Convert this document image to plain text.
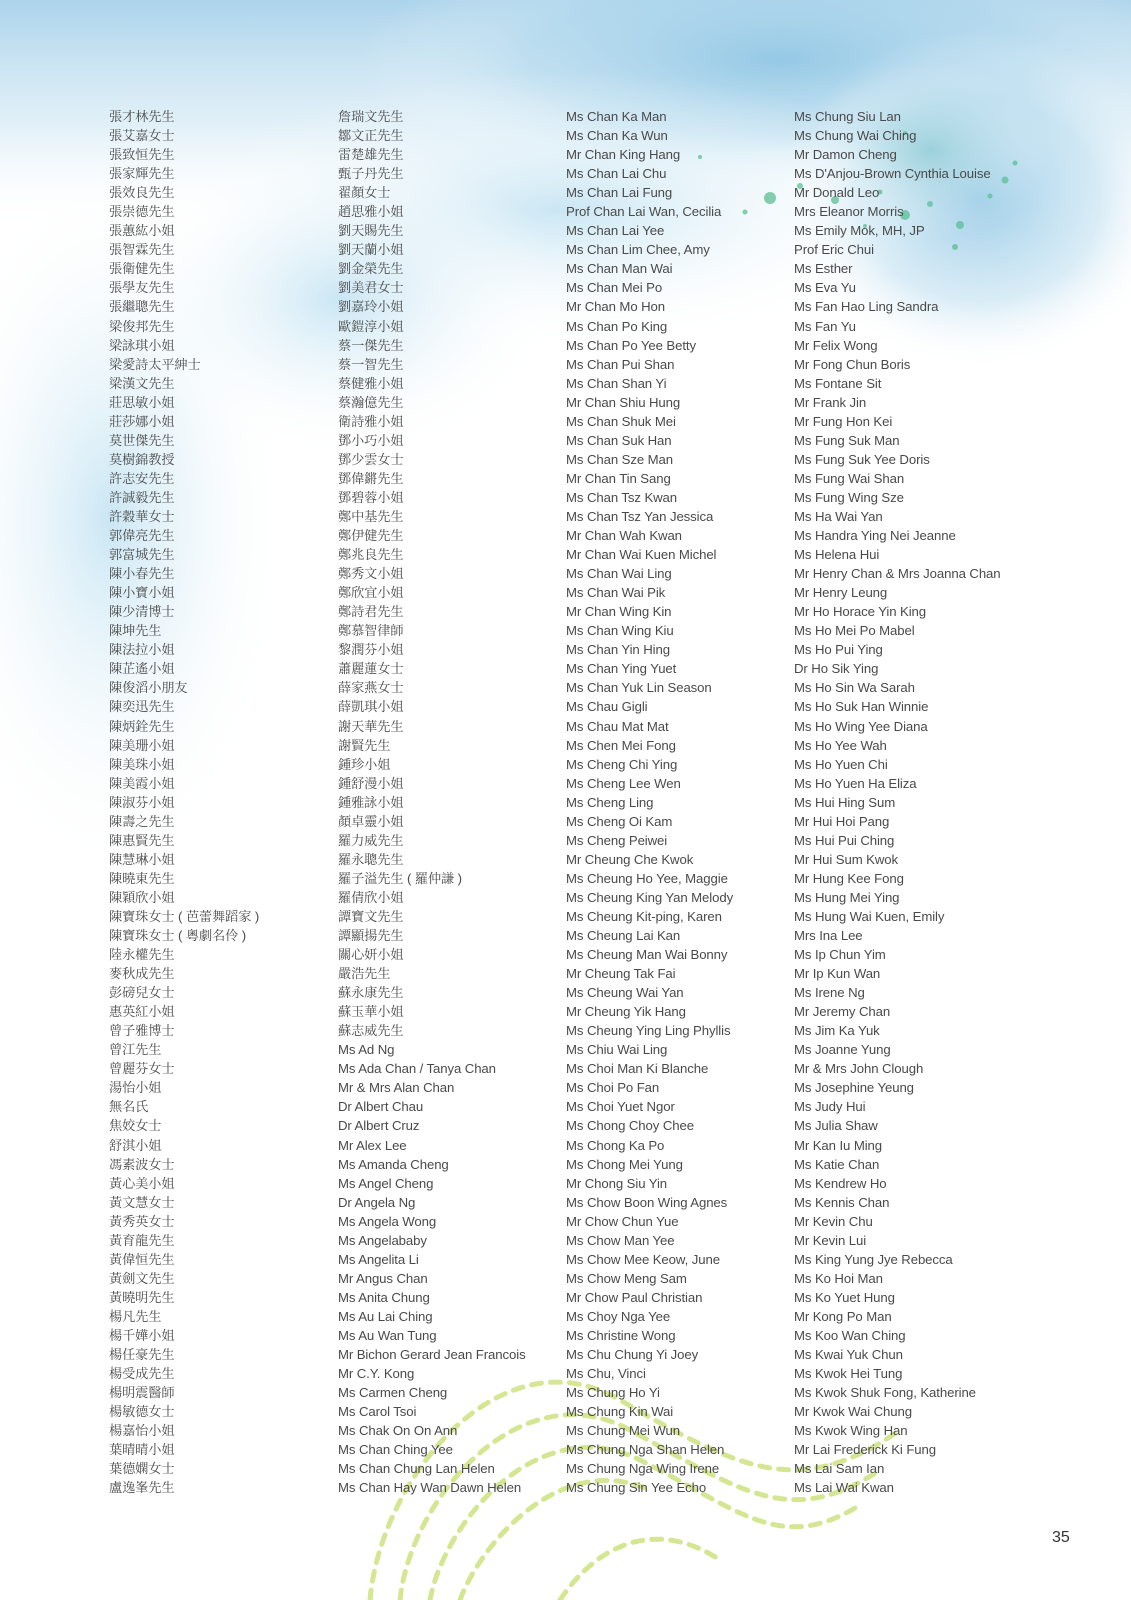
張才林先生
張艾嘉女士
張致恒先生
張家輝先生
張效良先生
張崇德先生
張蕙紘小姐
張智霖先生
張衛健先生
張學友先生
張繼聰先生
梁俊邦先生
梁詠琪小姐
梁愛詩太平紳士
梁漢文先生
莊思敏小姐
莊莎娜小姐
莫世傑先生
莫樹錦教授
許志安先生
許誠毅先生
許穀華女士
郭偉亮先生
郭富城先生
陳小春先生
陳小寶小姐
陳少清博士
陳坤先生
陳法拉小姐
陳芷遙小姐
陳俊滔小朋友
陳奕迅先生
陳炳銓先生
陳美珊小姐
陳美珠小姐
陳美霞小姐
陳淑芬小姐
陳壽之先生
陳惠賢先生
陳慧琳小姐
陳曉東先生
陳穎欣小姐
陳寶珠女士 ( 芭蕾舞蹈家 )
陳寶珠女士 ( 粵劇名伶 )
陸永權先生
麥秋成先生
彭磅兒女士
惠英紅小姐
曾子雅博士
曾江先生
曾麗芬女士
湯怡小姐
無名氏
焦姣女士
舒淇小姐
馮素波女士
黃心美小姐
黃文慧女士
黃秀英女士
黃育龍先生
黃偉恒先生
黃劍文先生
黃曉明先生
楊凡先生
楊千嬅小姐
楊任豪先生
楊受成先生
楊明震醫師
楊敏德女士
楊嘉怡小姐
葉晴晴小姐
葉德嫻女士
盧逸峯先生
詹瑞文先生
鄒文正先生
雷楚雄先生
甄子丹先生
翟顏女士
趙思雅小姐
劉天賜先生
劉天蘭小姐
劉金榮先生
劉美君女士
劉嘉玲小姐
歐鎧淳小姐
蔡一傑先生
蔡一智先生
蔡健雅小姐
蔡瀚億先生
衛詩雅小姐
鄧小巧小姐
鄧少雲女士
鄧偉鏘先生
鄧碧蓉小姐
鄭中基先生
鄭伊健先生
鄭兆良先生
鄭秀文小姐
鄭欣宜小姐
鄭詩君先生
鄭慕智律師
黎潤芬小姐
蕭麗蓮女士
薛家燕女士
薛凱琪小姐
謝天華先生
謝賢先生
鍾珍小姐
鍾舒漫小姐
鍾雅詠小姐
顏卓靈小姐
羅力威先生
羅永聰先生
羅子溢先生 ( 羅仲謙 )
羅倩欣小姐
譚寶文先生
譚顯揚先生
關心妍小姐
嚴浩先生
蘇永康先生
蘇玉華小姐
蘇志威先生
Ms Ad Ng
Ms Ada Chan / Tanya Chan
Mr & Mrs Alan Chan
Dr Albert Chau
Dr Albert Cruz
Mr Alex Lee
Ms Amanda Cheng
Ms Angel Cheng
Dr Angela Ng
Ms Angela Wong
Ms Angelababy
Ms Angelita Li
Mr Angus Chan
Ms Anita Chung
Ms Au Lai Ching
Ms Au Wan Tung
Mr Bichon Gerard Jean Francois
Mr C.Y. Kong
Ms Carmen Cheng
Ms Carol Tsoi
Ms Chak On On Ann
Ms Chan Ching Yee
Ms Chan Chung Lan Helen
Ms Chan Hay Wan Dawn Helen
Ms Chan Ka Man
Ms Chan Ka Wun
Mr Chan King Hang
Ms Chan Lai Chu
Ms Chan Lai Fung
Prof Chan Lai Wan, Cecilia
Ms Chan Lai Yee
Ms Chan Lim Chee, Amy
Ms Chan Man Wai
Ms Chan Mei Po
Mr Chan Mo Hon
Ms Chan Po King
Ms Chan Po Yee Betty
Ms Chan Pui Shan
Ms Chan Shan Yi
Mr Chan Shiu Hung
Ms Chan Shuk Mei
Ms Chan Suk Han
Ms Chan Sze Man
Mr Chan Tin Sang
Ms Chan Tsz Kwan
Ms Chan Tsz Yan Jessica
Mr Chan Wah Kwan
Mr Chan Wai Kuen Michel
Ms Chan Wai Ling
Ms Chan Wai Pik
Mr Chan Wing Kin
Ms Chan Wing Kiu
Ms Chan Yin Hing
Ms Chan Ying Yuet
Ms Chan Yuk Lin Season
Ms Chau Gigli
Ms Chau Mat Mat
Ms Chen Mei Fong
Ms Cheng Chi Ying
Ms Cheng Lee Wen
Ms Cheng Ling
Ms Cheng Oi Kam
Ms Cheng Peiwei
Mr Cheung Che Kwok
Ms Cheung Ho Yee, Maggie
Ms Cheung King Yan Melody
Ms Cheung Kit-ping, Karen
Ms Cheung Lai Kan
Ms Cheung Man Wai Bonny
Mr Cheung Tak Fai
Ms Cheung Wai Yan
Mr Cheung Yik Hang
Ms Cheung Ying Ling Phyllis
Ms Chiu Wai Ling
Ms Choi Man Ki Blanche
Ms Choi Po Fan
Ms Choi Yuet Ngor
Ms Chong Choy Chee
Ms Chong Ka Po
Ms Chong Mei Yung
Mr Chong Siu Yin
Ms Chow Boon Wing Agnes
Mr Chow Chun Yue
Ms Chow Man Yee
Ms Chow Mee Keow, June
Ms Chow Meng Sam
Mr Chow Paul Christian
Ms Choy Nga Yee
Ms Christine Wong
Ms Chu Chung Yi Joey
Ms Chu, Vinci
Ms Chung Ho Yi
Ms Chung Kin Wai
Ms Chung Mei Wun
Ms Chung Nga Shan Helen
Ms Chung Nga Wing Irene
Ms Chung Sin Yee Echo
Ms Chung Siu Lan
Ms Chung Wai Ching
Mr Damon Cheng
Ms D'Anjou-Brown Cynthia Louise
Mr Donald Leo
Mrs Eleanor Morris
Ms Emily Mok, MH, JP
Prof Eric Chui
Ms Esther
Ms Eva Yu
Ms Fan Hao Ling Sandra
Ms Fan Yu
Mr Felix Wong
Mr Fong Chun Boris
Ms Fontane Sit
Mr Frank Jin
Mr Fung Hon Kei
Ms Fung Suk Man
Ms Fung Suk Yee Doris
Ms Fung Wai Shan
Ms Fung Wing Sze
Ms Ha Wai Yan
Ms Handra Ying Nei Jeanne
Ms Helena Hui
Mr Henry Chan & Mrs Joanna Chan
Mr Henry Leung
Mr Ho Horace Yin King
Ms Ho Mei Po Mabel
Ms Ho Pui Ying
Dr Ho Sik Ying
Ms Ho Sin Wa Sarah
Ms Ho Suk Han Winnie
Ms Ho Wing Yee Diana
Ms Ho Yee Wah
Ms Ho Yuen Chi
Ms Ho Yuen Ha Eliza
Ms Hui Hing Sum
Mr Hui Hoi Pang
Ms Hui Pui Ching
Mr Hui Sum Kwok
Mr Hung Kee Fong
Ms Hung Mei Ying
Ms Hung Wai Kuen, Emily
Mrs Ina Lee
Ms Ip Chun Yim
Mr Ip Kun Wan
Ms Irene Ng
Mr Jeremy Chan
Ms Jim Ka Yuk
Ms Joanne Yung
Mr & Mrs John Clough
Ms Josephine Yeung
Ms Judy Hui
Ms Julia Shaw
Mr Kan Iu Ming
Ms Katie Chan
Ms Kendrew Ho
Ms Kennis Chan
Mr Kevin Chu
Mr Kevin Lui
Ms King Yung Jye Rebecca
Ms Ko Hoi Man
Ms Ko Yuet Hung
Mr Kong Po Man
Ms Koo Wan Ching
Ms Kwai Yuk Chun
Ms Kwok Hei Tung
Ms Kwok Shuk Fong, Katherine
Mr Kwok Wai Chung
Ms Kwok Wing Han
Mr Lai Frederick Ki Fung
Ms Lai Sam Ian
Ms Lai Wai Kwan
35
